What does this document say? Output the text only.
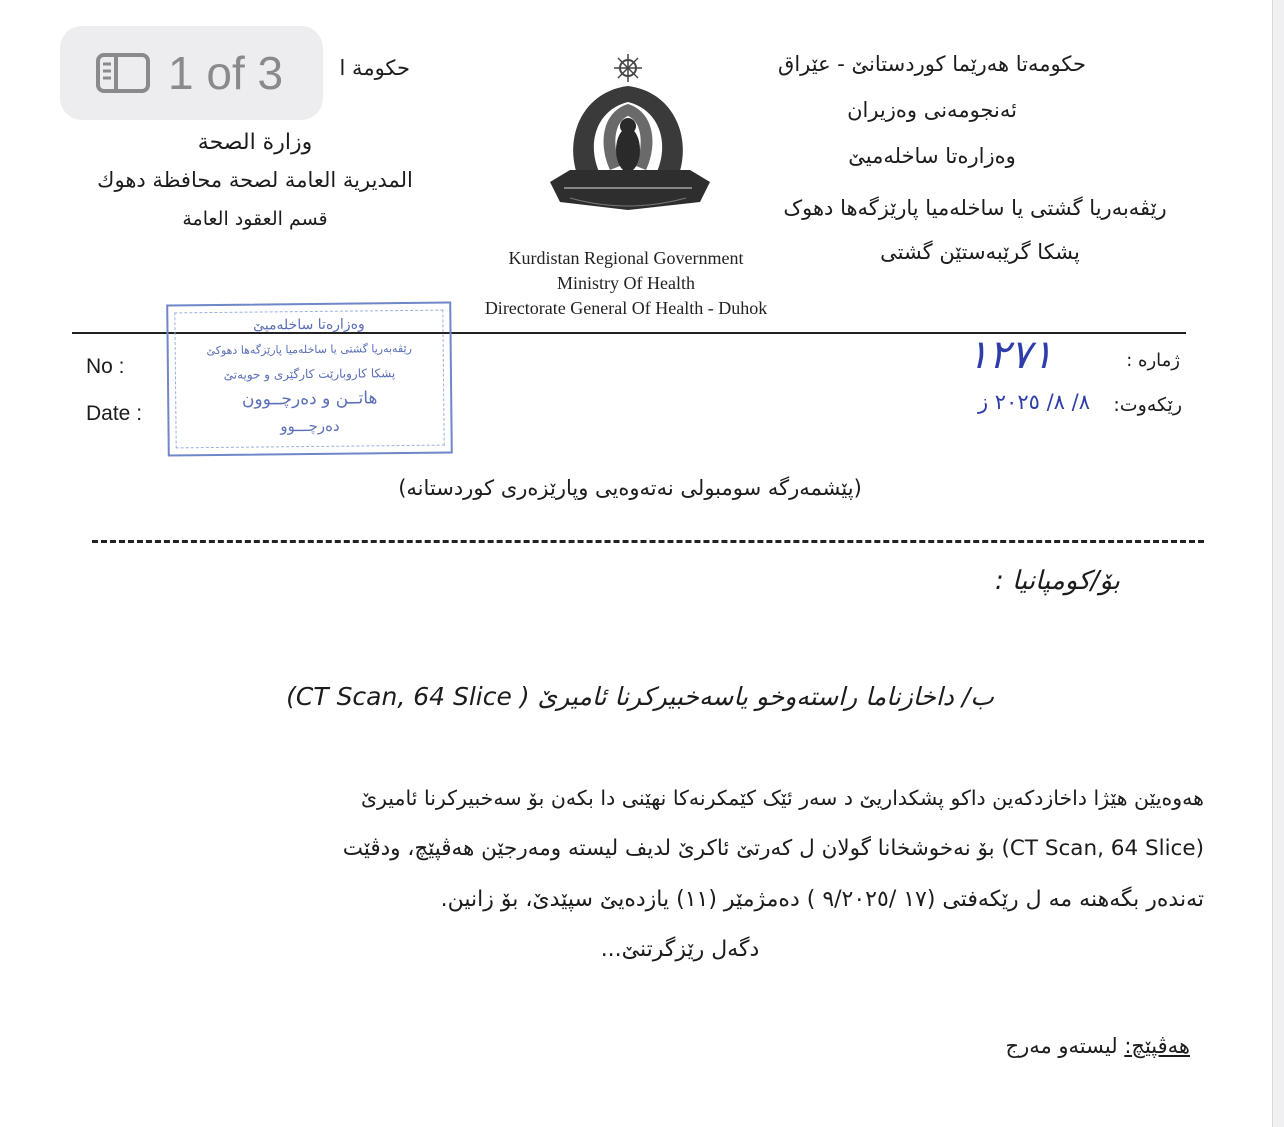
حکومەتا هەرێما کوردستانێ - عێراق
ئەنجومەنی وەزیران
وەزارەتا ساخلەمیێ
رێڤەبەریا گشتی یا ساخلەمیا پارێزگەها دهوک
پشکا گرێبەستێن گشتی
حكومة ا
وزارة الصحة
المديرية العامة لصحة محافظة دهوك
قسم العقود العامة
Kurdistan Regional Government
Ministry Of Health
Directorate General Of Health - Duhok
وەزارەتا ساخلەمیێ
رێڤەبەریا گشتی یا ساخلەمیا پارێزگەها دهوکێ
پشکا کاروبارێت کارگێری و حویەتێ
هاتــن و دەرچــوون
دەرچـــوو
No :
Date :
ژمارە :
١٢٧١
رێکەوت:
٨/ ٨/ ٢٠٢٥ ز
(پێشمەرگە سومبولی نەتەوەیی وپارێزەری کوردستانە)
بۆ/كومپانيا :
ب/ داخازناما راستەوخو یاسەخبیرکرنا ئامیرێ ( CT Scan, 64 Slice)
هەوەیێن هێژا داخازدکەین داکو پشکداریێ د سەر ئێک کێمکرنەکا نهێنی دا بکەن بۆ سەخبیرکرنا ئامیرێ
(CT Scan, 64 Slice) بۆ نەخوشخانا گولان ل کەرتێ ئاکرێ لدیف لیستە ومەرجێن هەڤپێچ، ودڤێت
تەندەر بگەهنە مە ل رێکەفتی (١٧ /٩/٢٠٢٥ ) دەمژمێر (١١) یازدەیێ سپێدێ، بۆ زانین.
دگەل رێزگرتنێ...
هەڤپێچ: لیستەو مەرج
1 of 3
